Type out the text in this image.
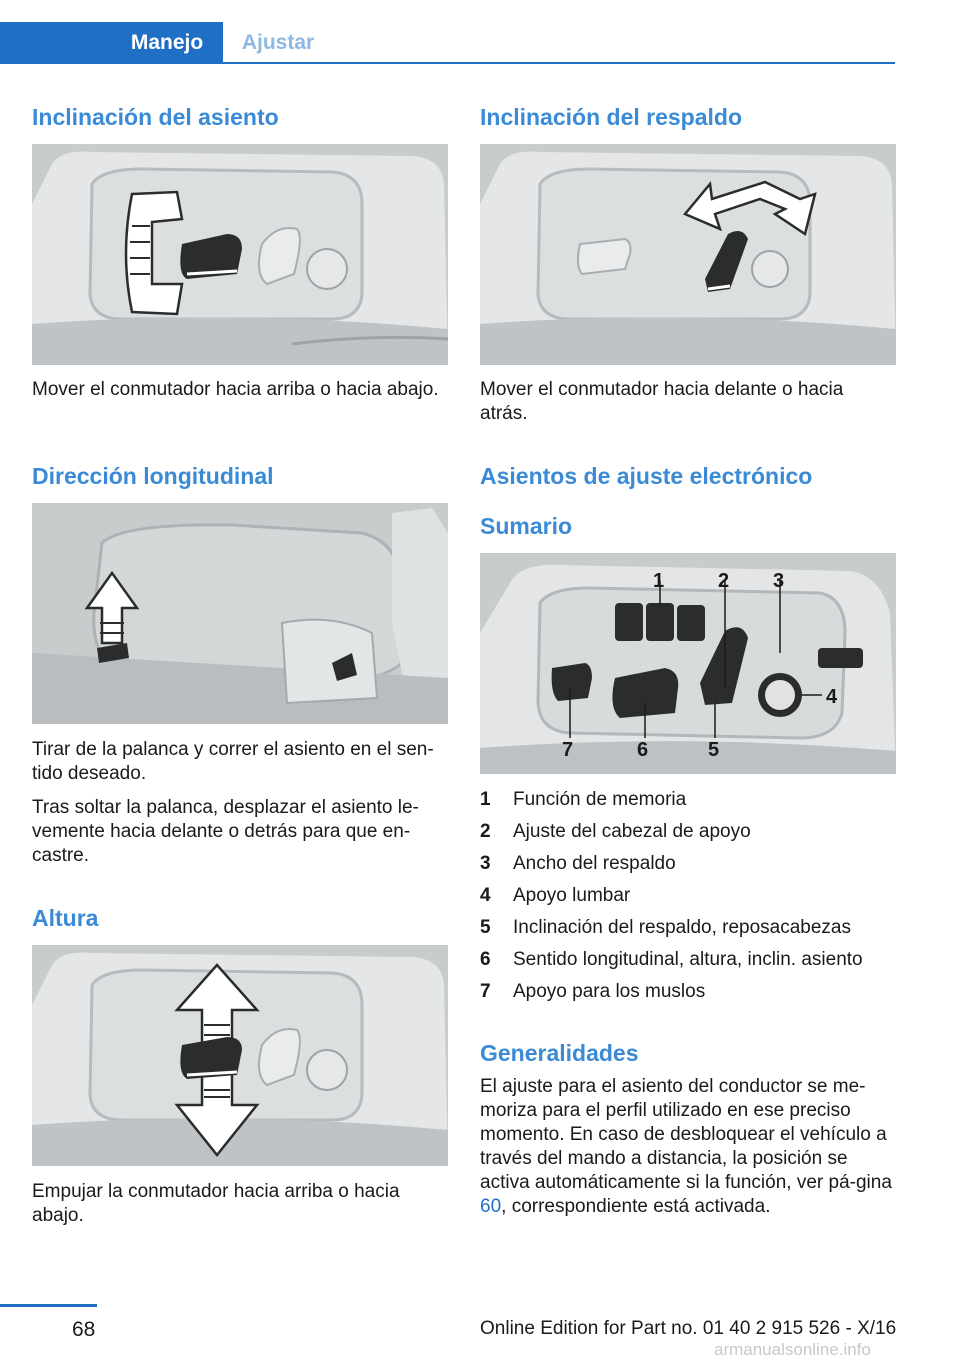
Manejo	Ajustar
Inclinación del asiento

Mover el conmutador hacia arriba o hacia abajo.

Dirección longitudinal

Tirar de la palanca y correr el asiento en el sen-tido deseado.

Tras soltar la palanca, desplazar el asiento le-vemente hacia delante o detrás para que en-castre.

Altura

Empujar la conmutador hacia arriba o hacia abajo.

Inclinación del respaldo

Mover el conmutador hacia delante o hacia atrás.

Asientos de ajuste electrónico
Sumario
1	2 3
4
5
6
7
1	Función de memoria
2	Ajuste del cabezal de apoyo
3	Ancho del respaldo
4	Apoyo lumbar
5	Inclinación del respaldo, reposacabezas
6	Sentido longitudinal, altura, inclin. asiento
7	Apoyo para los muslos
Generalidades

El ajuste para el asiento del conductor se me-moriza para el perfil utilizado en ese preciso momento. En caso de desbloquear el vehículo a través del mando a distancia, la posición se activa automáticamente si la función, ver pá-gina 60, correspondiente está activada.

68	Online Edition for Part no. 01 40 2 915 526 - X/16
armanualsonline.info
